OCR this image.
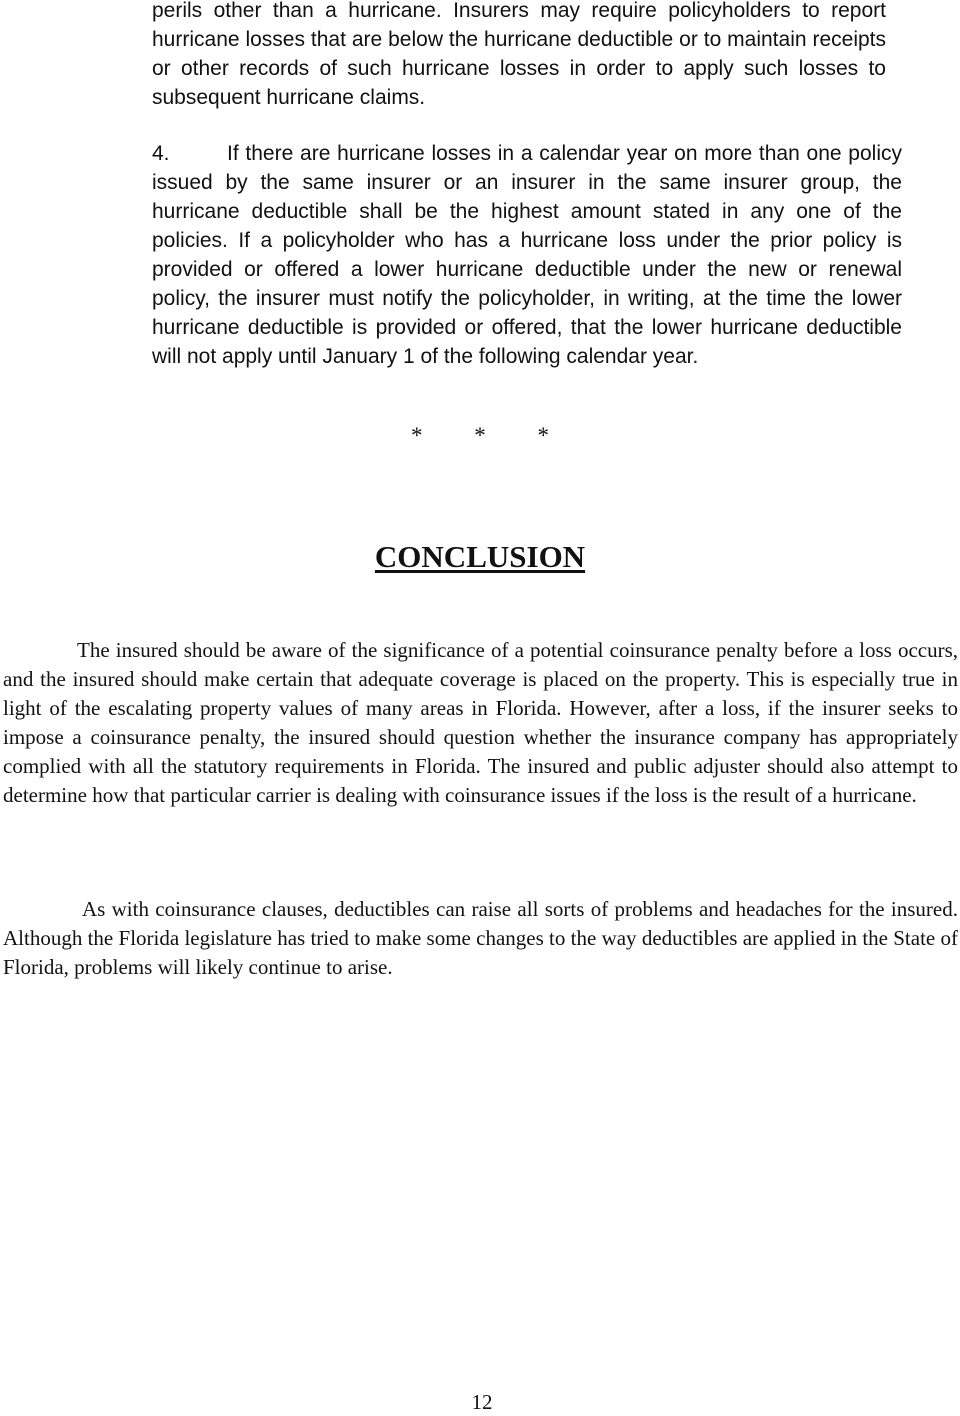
perils other than a hurricane. Insurers may require policyholders to report hurricane losses that are below the hurricane deductible or to maintain receipts or other records of such hurricane losses in order to apply such losses to subsequent hurricane claims.

4.	If there are hurricane losses in a calendar year on more than one policy issued by the same insurer or an insurer in the same insurer group, the hurricane deductible shall be the highest amount stated in any one of the policies. If a policyholder who has a hurricane loss under the prior policy is provided or offered a lower hurricane deductible under the new or renewal policy, the insurer must notify the policyholder, in writing, at the time the lower hurricane deductible is provided or offered, that the lower hurricane deductible will not apply until January 1 of the following calendar year.

* * *

CONCLUSION

The insured should be aware of the significance of a potential coinsurance penalty before a loss occurs, and the insured should make certain that adequate coverage is placed on the property. This is especially true in light of the escalating property values of many areas in Florida. However, after a loss, if the insurer seeks to impose a coinsurance penalty, the insured should question whether the insurance company has appropriately complied with all the statutory requirements in Florida. The insured and public adjuster should also attempt to determine how that particular carrier is dealing with coinsurance issues if the loss is the result of a hurricane.

As with coinsurance clauses, deductibles can raise all sorts of problems and headaches for the insured. Although the Florida legislature has tried to make some changes to the way deductibles are applied in the State of Florida, problems will likely continue to arise.

12
